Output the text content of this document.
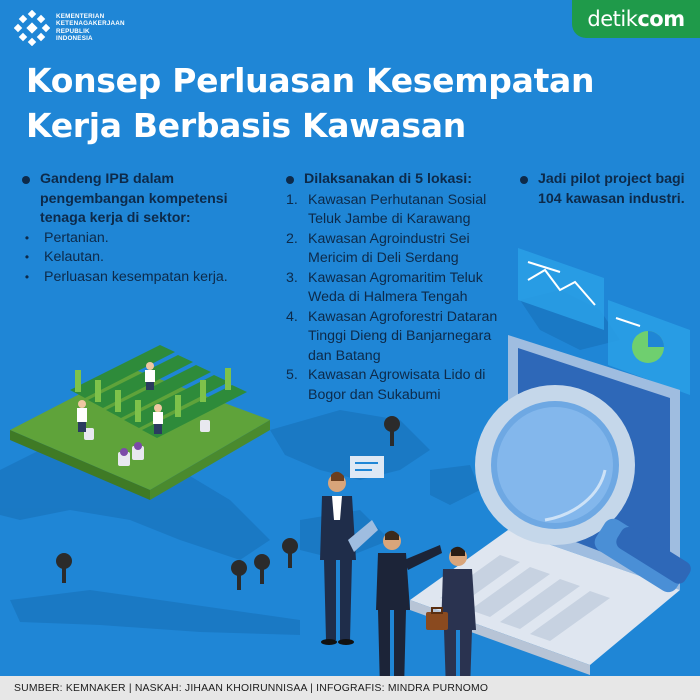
KEMENTERIAN
KETENAGAKERJAAN
REPUBLIK
INDONESIA
detikcom
Konsep Perluasan Kesempatan
Kerja Berbasis Kawasan
Gandeng IPB dalam pengembangan kompetensi tenaga kerja di sektor:
• Pertanian.
• Kelautan.
• Perluasan kesempatan kerja.
Dilaksanakan di 5 lokasi:
1. Kawasan Perhutanan Sosial Teluk Jambe di Karawang
2. Kawasan Agroindustri Sei Mericim di Deli Serdang
3. Kawasan Agromaritim Teluk Weda di Halmera Tengah
4. Kawasan Agroforestri Dataran Tinggi Dieng di Banjarnegara dan Batang
5. Kawasan Agrowisata Lido di Bogor dan Sukabumi
Jadi pilot project bagi 104 kawasan industri.
SUMBER: KEMNAKER | NASKAH: JIHAAN KHOIRUNNISAA | INFOGRAFIS: MINDRA PURNOMO
